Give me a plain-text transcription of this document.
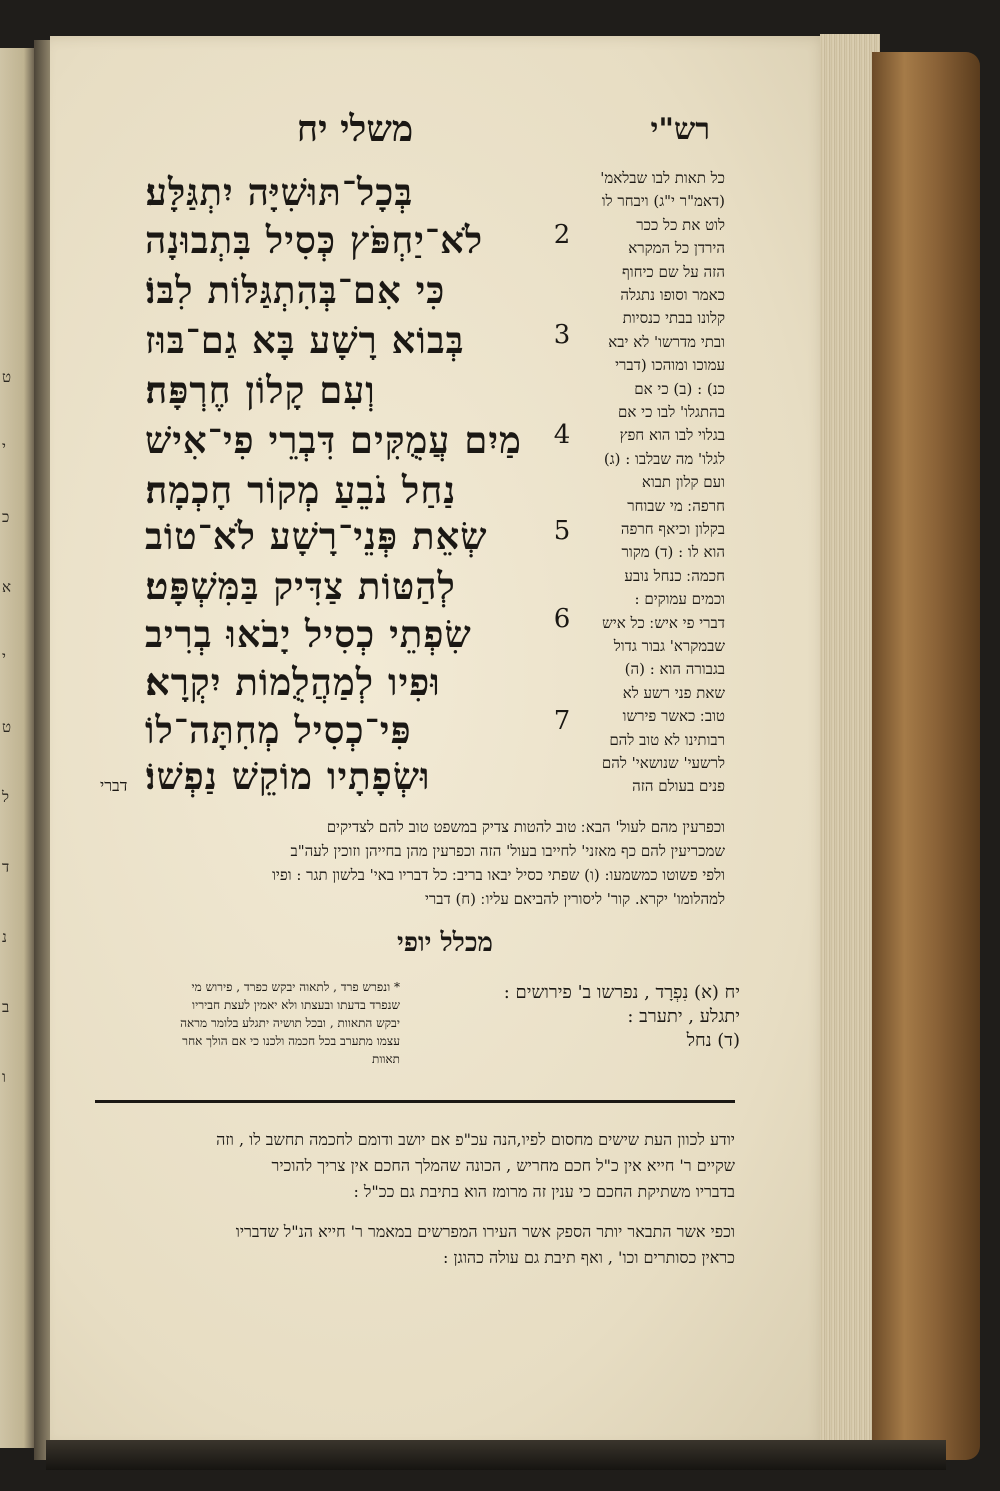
ט
י
כ
א
י
ט
ל
ד
נ
ב
ו
משלי יח	רש"י
בְּכָל־תּוּשִׁיָּה יִתְגַּלָּע׃
2
לֹא־יַחְפֹּץ כְּסִיל בִּתְבוּנָה
כִּי אִם־בְּהִתְגַּלּוֹת לִבּוֹ׃
3
בְּבוֹא רָשָׁע בָּא גַם־בּוּז
וְעִם קָלוֹן חֶרְפָּה׃
4
מַיִם עֲמֻקִּים דִּבְרֵי פִי־אִישׁ
נַחַל נֹבֵעַ מְקוֹר חָכְמָה׃
5
שְׂאֵת פְּנֵי־רָשָׁע לֹא־טוֹב
לְהַטּוֹת צַדִּיק בַּמִּשְׁפָּט׃
6
שִׂפְתֵי כְסִיל יָבֹאוּ בְרִיב
וּפִיו לְמַהֲלֻמוֹת יִקְרָא׃
7
פִּי־כְסִיל מְחִתָּה־לוֹ
וּשְׂפָתָיו מוֹקֵשׁ נַפְשׁוֹ׃
כל תאות לבו שבלאמ'
(דאמ"ר י"ג) ויבחר לו
לוט את כל ככר
הירדן כל המקרא
הזה על שם כיחוף
כאמר וסופו נתגלה
קלונו בבתי כנסיות
ובתי מדרשו' לא יבא
עמוכו ומוהכו (דברי
כנ) : (ב) כי אם
בהתגלו' לבו כי אם
בגלוי לבו הוא חפץ
לגלו' מה שבלבו : (ג)
ועם קלון תבוא
חרפה ׃ מי שבוחר
בקלון וכיאף חרפה
הוא לו : (ד) מקור
חכמה ׃ כנחל נובע
וכמים עמוקים :
דברי פי איש ׃ כל איש
שבמקרא' גבור גדול
בגבורה הוא : (ה)
שאת פני רשע לא
טוב ׃ כאשר פירשו
רבותינו לא טוב להם
לרשעי' שנושאי' להם
פנים בעולם הזה
דברי
וכפרעין מהם לעול' הבא ׃ טוב להטות צדיק במשפט טוב להם לצדיקים
שמכריעין להם כף מאזני' לחייבו בעול' הזה וכפרעין מהן בחייהן וזוכין לעה"ב
ולפי פשוטו כמשמעו: (ו) שפתי כסיל יבאו בריב ׃ כל דבריו באי' בלשון תגר : ופיו
למהלומו' יקרא. קור' ליסורין להביאם עליו ׃ (ח) דברי
מכלל יופי
יח (א) נִפְרָד , נפרשו ב' פירושים :
יתגלע , יתערב :
(ד) נחל
* ונפרש פרד , לתאוה יבקש כפרד , פירוש מי
שנפרד בדעתו ובעצתו ולא יאמין לעצת חביריו
יבקש התאוות , ובכל תושיה יתגלע בלומר מראה
עצמו מתערב בכל חכמה ולכנו כי אם הולך אחר
תאוות
יודע לכוון העת שישים מחסום לפיו,הנה עכ"פ אם יושב ודומם לחכמה תחשב לו , וזה
שקיים ר' חייא אין כ"ל חכם מחריש , הכונה שהמלך החכם אין צריך להוכיר
בדבריו משתיקת החכם כי ענין זה מרומז הוא בתיבת גם ככ"ל :
וכפי אשר התבאר יותר הספק אשר העירו המפרשים במאמר ר' חייא הנ"ל שדבריו
כראין כסותרים וכו' , ואף תיבת גם עולה כהוגן :
